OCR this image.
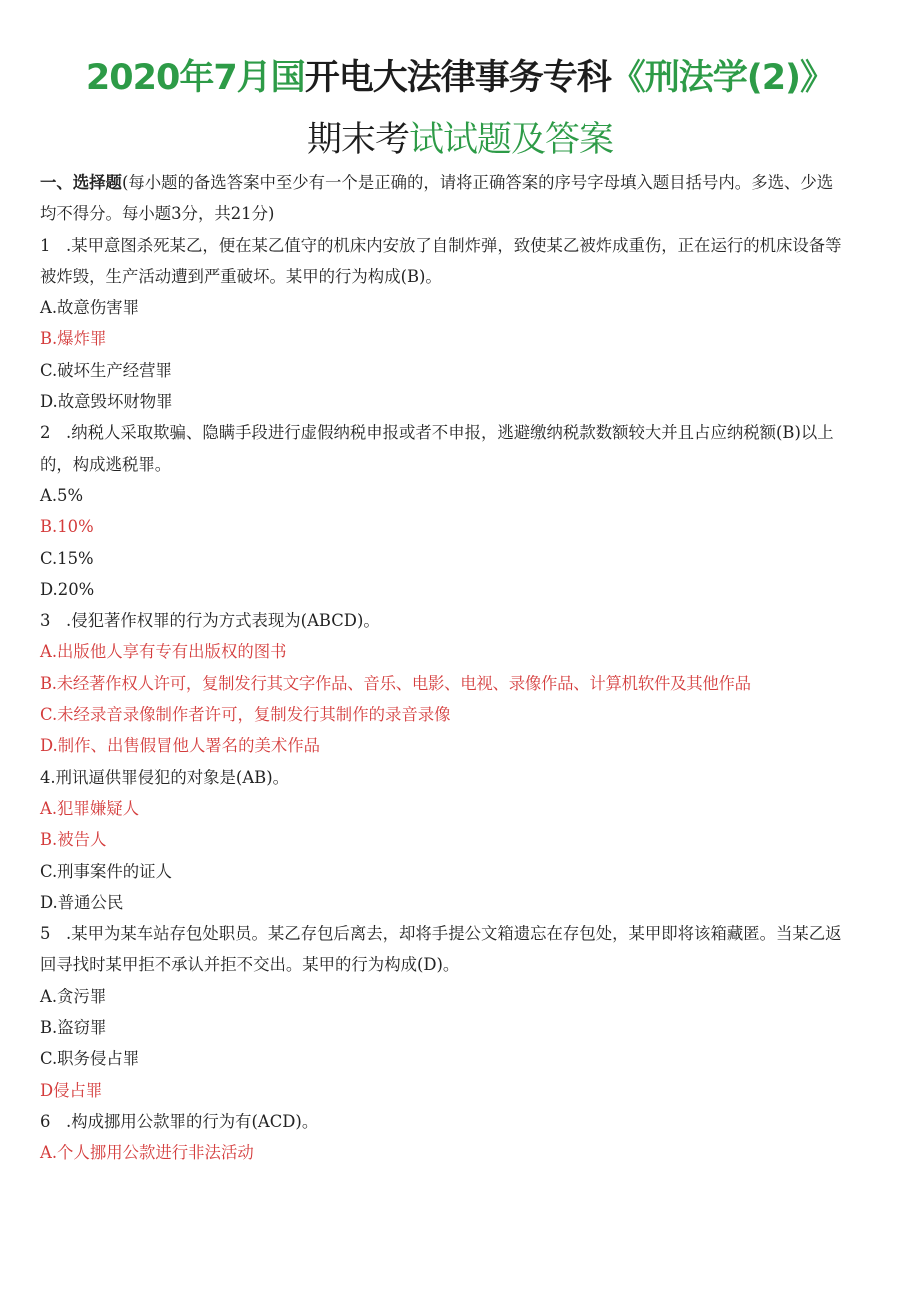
2020年7月国开电大法律事务专科《刑法学(2)》
期末考试试题及答案
一、选择题(每小题的备选答案中至少有一个是正确的，请将正确答案的序号字母填入题目括号内。多选、少选
均不得分。每小题3分，共21分)
1 .某甲意图杀死某乙，便在某乙值守的机床内安放了自制炸弹，致使某乙被炸成重伤，正在运行的机床设备等
被炸毁，生产活动遭到严重破坏。某甲的行为构成(B)。
A.故意伤害罪
B.爆炸罪
C.破坏生产经营罪
D.故意毁坏财物罪
2 .纳税人采取欺骗、隐瞒手段进行虚假纳税申报或者不申报，逃避缴纳税款数额较大并且占应纳税额(B)以上
的，构成逃税罪。
A.5%
B.10%
C.15%
D.20%
3 .侵犯著作权罪的行为方式表现为(ABCD)。
A.出版他人享有专有出版权的图书
B.未经著作权人许可，复制发行其文字作品、音乐、电影、电视、录像作品、计算机软件及其他作品
C.未经录音录像制作者许可，复制发行其制作的录音录像
D.制作、出售假冒他人署名的美术作品
4.刑讯逼供罪侵犯的对象是(AB)。
A.犯罪嫌疑人
B.被告人
C.刑事案件的证人
D.普通公民
5 .某甲为某车站存包处职员。某乙存包后离去，却将手提公文箱遗忘在存包处，某甲即将该箱藏匿。当某乙返
回寻找时某甲拒不承认并拒不交出。某甲的行为构成(D)。
A.贪污罪
B.盗窃罪
C.职务侵占罪
D侵占罪
6 .构成挪用公款罪的行为有(ACD)。
A.个人挪用公款进行非法活动
